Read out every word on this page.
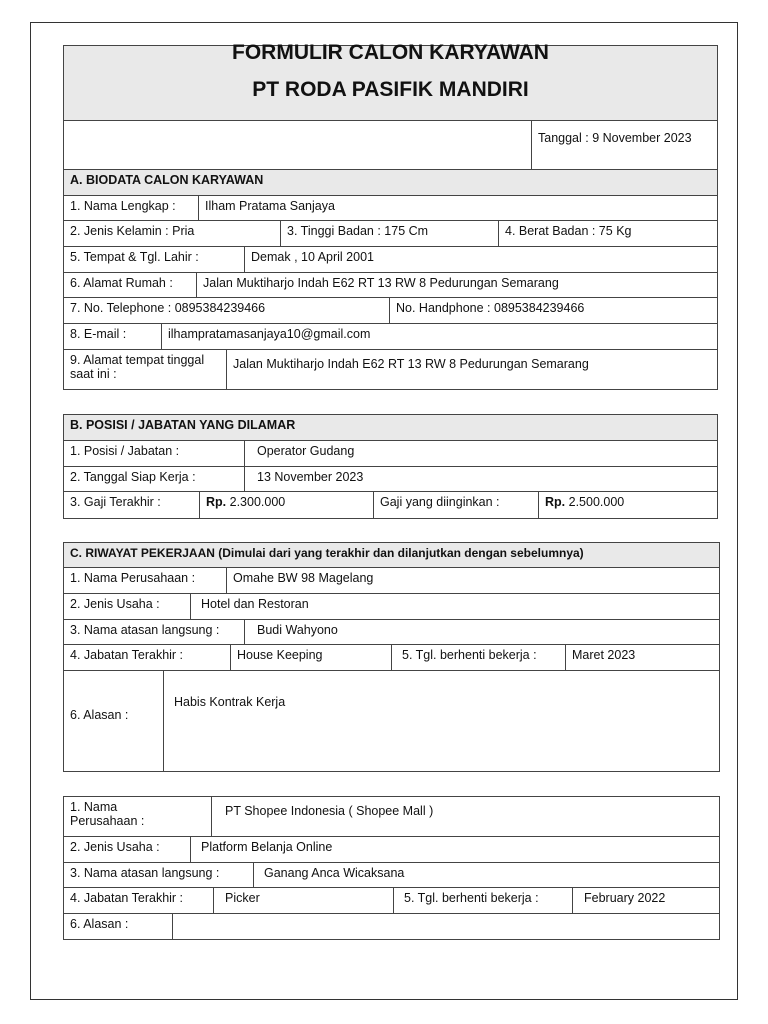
FORMULIR CALON KARYAWAN
PT RODA PASIFIK MANDIRI
Tanggal : 9 November 2023
A. BIODATA CALON KARYAWAN
1. Nama Lengkap :	Ilham Pratama Sanjaya
2. Jenis Kelamin : Pria	3. Tinggi Badan : 175 Cm	4. Berat Badan : 75 Kg
5. Tempat & Tgl. Lahir :	Demak , 10 April 2001
6. Alamat Rumah :	Jalan Muktiharjo Indah E62 RT 13 RW 8 Pedurungan Semarang
7. No. Telephone : 0895384239466	No. Handphone : 0895384239466
8. E-mail :	ilhampratamasanjaya10@gmail.com
9. Alamat tempat tinggal saat ini :
Jalan Muktiharjo Indah E62 RT 13 RW 8 Pedurungan Semarang
B. POSISI / JABATAN YANG DILAMAR
1. Posisi / Jabatan :	Operator Gudang
2. Tanggal Siap Kerja :	13 November 2023
3. Gaji Terakhir :	Rp. 2.300.000	Gaji yang diinginkan :	Rp. 2.500.000
C. RIWAYAT PEKERJAAN (Dimulai dari yang terakhir dan dilanjutkan dengan sebelumnya)
1. Nama Perusahaan :	Omahe BW 98 Magelang
2. Jenis Usaha :	Hotel dan Restoran
3. Nama atasan langsung :	Budi Wahyono
4. Jabatan Terakhir :	House Keeping	5. Tgl. berhenti bekerja :	Maret 2023
6. Alasan :
Habis Kontrak Kerja
1. Nama Perusahaan :
PT Shopee Indonesia ( Shopee Mall )
2. Jenis Usaha :	Platform Belanja Online
3. Nama atasan langsung :	Ganang Anca Wicaksana
4. Jabatan Terakhir :	Picker	5. Tgl. berhenti bekerja :	February 2022
6. Alasan :
